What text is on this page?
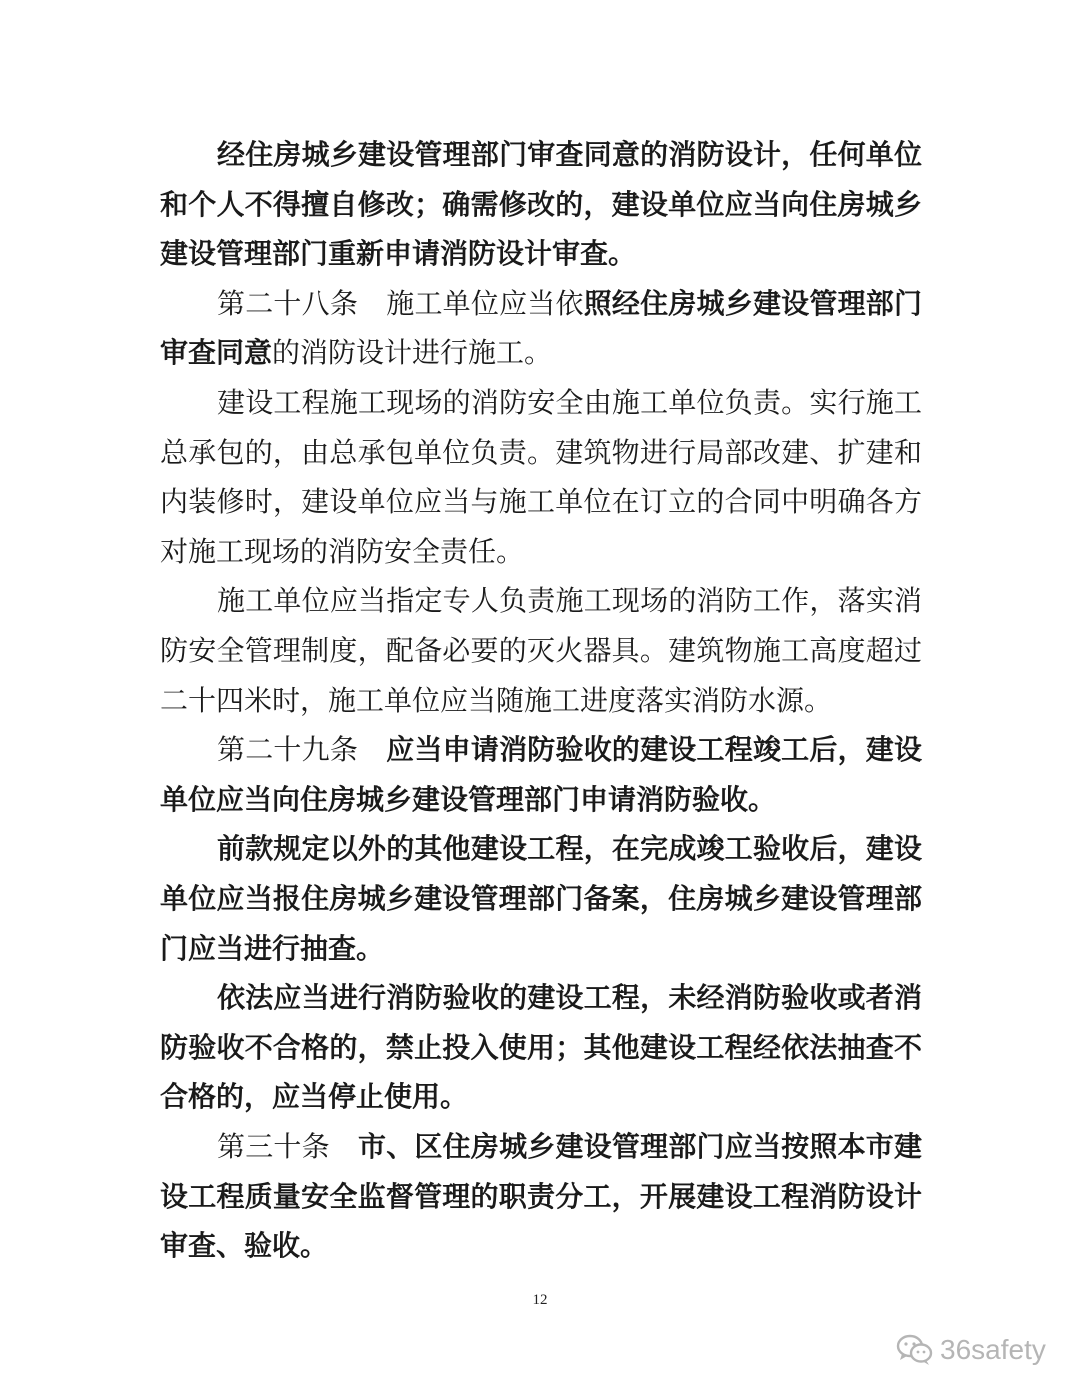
经住房城乡建设管理部门审查同意的消防设计，任何单位
和个人不得擅自修改；确需修改的，建设单位应当向住房城乡
建设管理部门重新申请消防设计审查。
第二十八条　施工单位应当依照经住房城乡建设管理部门
审查同意的消防设计进行施工。
建设工程施工现场的消防安全由施工单位负责。实行施工
总承包的，由总承包单位负责。建筑物进行局部改建、扩建和
内装修时，建设单位应当与施工单位在订立的合同中明确各方
对施工现场的消防安全责任。
施工单位应当指定专人负责施工现场的消防工作，落实消
防安全管理制度，配备必要的灭火器具。建筑物施工高度超过
二十四米时，施工单位应当随施工进度落实消防水源。
第二十九条　应当申请消防验收的建设工程竣工后，建设
单位应当向住房城乡建设管理部门申请消防验收。
前款规定以外的其他建设工程，在完成竣工验收后，建设
单位应当报住房城乡建设管理部门备案，住房城乡建设管理部
门应当进行抽查。
依法应当进行消防验收的建设工程，未经消防验收或者消
防验收不合格的，禁止投入使用；其他建设工程经依法抽查不
合格的，应当停止使用。
第三十条　市、区住房城乡建设管理部门应当按照本市建
设工程质量安全监督管理的职责分工，开展建设工程消防设计
审查、验收。
12
36safety
